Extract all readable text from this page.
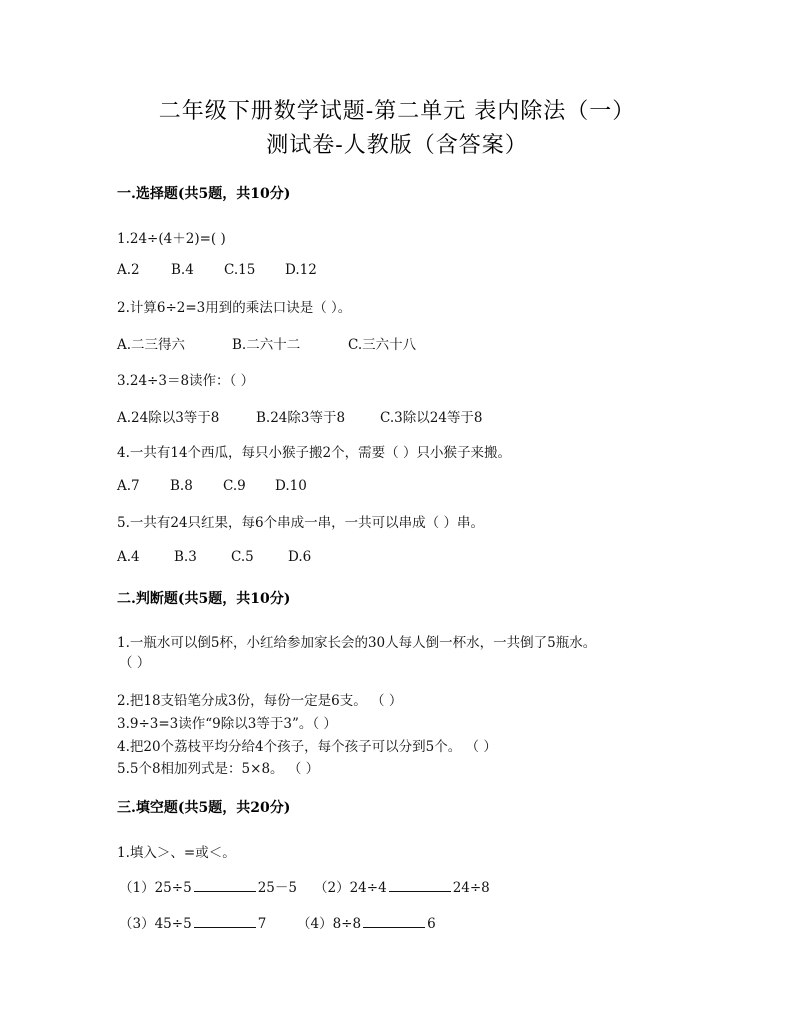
二年级下册数学试题-第二单元 表内除法（一）
测试卷-人教版（含答案）
一.选择题(共5题，共10分)
1.24÷(4＋2)=( )
A.2 B.4 C.15 D.12
2.计算6÷2=3用到的乘法口诀是（ ）。
A.二三得六	B.二六十二	C.三六十八
3.24÷3＝8读作：（ ）
A.24除以3等于8	B.24除3等于8	C.3除以24等于8
4.一共有14个西瓜，每只小猴子搬2个，需要（ ）只小猴子来搬。
A.7 B.8 C.9 D.10
5.一共有24只红果，每6个串成一串，一共可以串成（ ）串。
A.4	B.3	C.5	D.6
二.判断题(共5题，共10分)
1.一瓶水可以倒5杯，小红给参加家长会的30人每人倒一杯水，一共倒了5瓶水。
（ ）
2.把18支铅笔分成3份，每份一定是6支。 （ ）
3.9÷3=3读作“9除以3等于3”。（ ）
4.把20个荔枝平均分给4个孩子，每个孩子可以分到5个。 （ ）
5.5个8相加列式是：5×8。 （ ）
三.填空题(共5题，共20分)
1.填入＞、=或＜。
（1）25÷5	25－5 （2）24÷4	24÷8
（3）45÷5	7 （4）8÷8	6
